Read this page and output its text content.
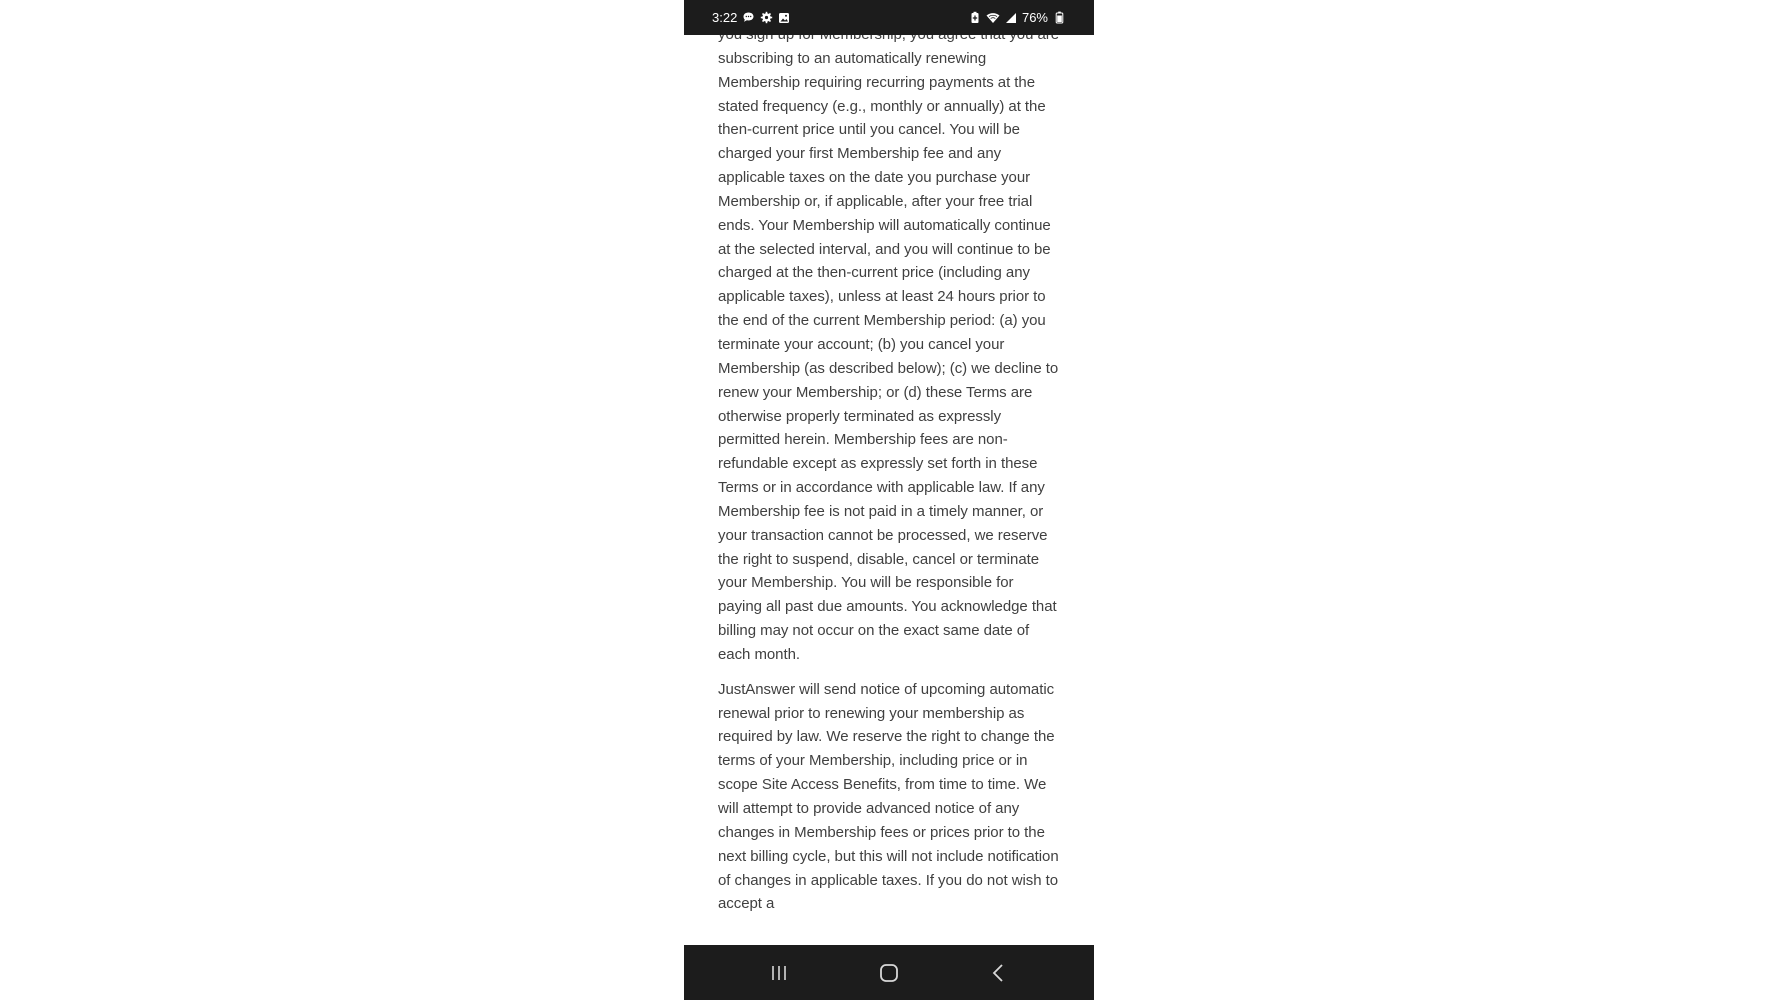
3:22	76%

subscribing to an automatically renewing Membership requiring recurring payments at the stated frequency (e.g., monthly or annually) at the then-current price until you cancel. You will be charged your first Membership fee and any applicable taxes on the date you purchase your Membership or, if applicable, after your free trial ends. Your Membership will automatically continue at the selected interval, and you will continue to be charged at the then-current price (including any applicable taxes), unless at least 24 hours prior to the end of the current Membership period: (a) you terminate your account; (b) you cancel your Membership (as described below); (c) we decline to renew your Membership; or (d) these Terms are otherwise properly terminated as expressly permitted herein. Membership fees are non-refundable except as expressly set forth in these Terms or in accordance with applicable law. If any Membership fee is not paid in a timely manner, or your transaction cannot be processed, we reserve the right to suspend, disable, cancel or terminate your Membership. You will be responsible for paying all past due amounts. You acknowledge that billing may not occur on the exact same date of each month.

JustAnswer will send notice of upcoming automatic renewal prior to renewing your membership as required by law. We reserve the right to change the terms of your Membership, including price or in scope Site Access Benefits, from time to time. We will attempt to provide advanced notice of any changes in Membership fees or prices prior to the next billing cycle, but this will not include notification of changes in applicable taxes. If you do not wish to accept a
